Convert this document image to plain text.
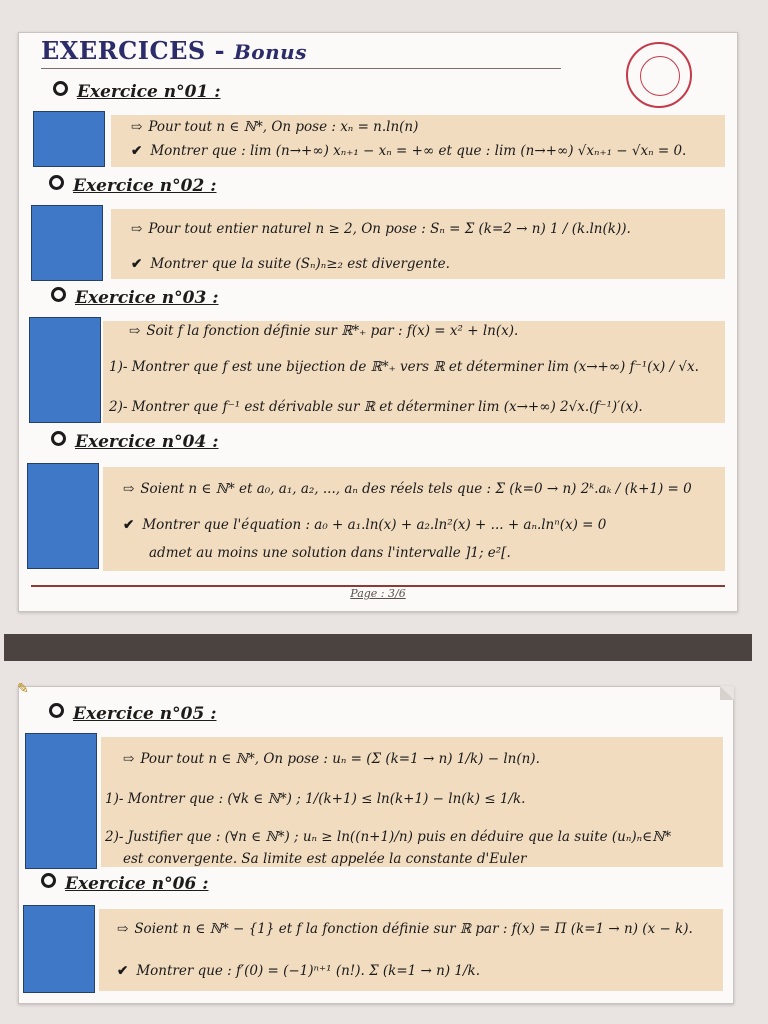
EXERCICES - Bonus

Exercice n°01 :

⇨ Pour tout n ∈ ℕ*, On pose : xₙ = n.ln(n)
✔ Montrer que : lim (n→+∞) xₙ₊₁ − xₙ = +∞ et que : lim (n→+∞) √xₙ₊₁ − √xₙ = 0.

Exercice n°02 :

⇨ Pour tout entier naturel n ≥ 2, On pose : Sₙ = Σ (k=2 → n) 1 / (k.ln(k)).
✔ Montrer que la suite (Sₙ)ₙ≥₂ est divergente.

Exercice n°03 :

⇨ Soit f la fonction définie sur ℝ*₊ par : f(x) = x² + ln(x).
1)- Montrer que f est une bijection de ℝ*₊ vers ℝ et déterminer lim (x→+∞) f⁻¹(x) / √x.
2)- Montrer que f⁻¹ est dérivable sur ℝ et déterminer lim (x→+∞) 2√x.(f⁻¹)′(x).

Exercice n°04 :

⇨ Soient n ∈ ℕ* et a₀, a₁, a₂, ..., aₙ des réels tels que : Σ (k=0 → n) 2ᵏ.aₖ / (k+1) = 0
✔ Montrer que l'équation : a₀ + a₁.ln(x) + a₂.ln²(x) + ... + aₙ.lnⁿ(x) = 0
admet au moins une solution dans l'intervalle ]1; e²[.
Page : 3/6
✎

Exercice n°05 :

⇨ Pour tout n ∈ ℕ*, On pose : uₙ = (Σ (k=1 → n) 1/k) − ln(n).
1)- Montrer que : (∀k ∈ ℕ*) ; 1/(k+1) ≤ ln(k+1) − ln(k) ≤ 1/k.
2)- Justifier que : (∀n ∈ ℕ*) ; uₙ ≥ ln((n+1)/n) puis en déduire que la suite (uₙ)ₙ∈ℕ*
est convergente. Sa limite est appelée la constante d'Euler

Exercice n°06 :

⇨ Soient n ∈ ℕ* − {1} et f la fonction définie sur ℝ par : f(x) = Π (k=1 → n) (x − k).
✔ Montrer que : f′(0) = (−1)ⁿ⁺¹ (n!). Σ (k=1 → n) 1/k.
